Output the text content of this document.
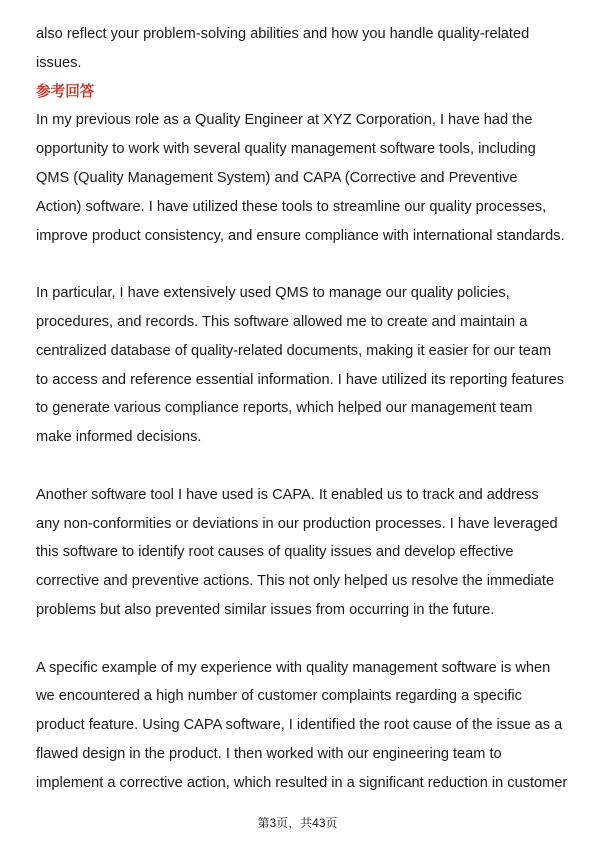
also reflect your problem-solving abilities and how you handle quality-related

issues.

参考回答

In my previous role as a Quality Engineer at XYZ Corporation, I have had the

opportunity to work with several quality management software tools, including

QMS (Quality Management System) and CAPA (Corrective and Preventive

Action) software. I have utilized these tools to streamline our quality processes,

improve product consistency, and ensure compliance with international standards.

In particular, I have extensively used QMS to manage our quality policies,

procedures, and records. This software allowed me to create and maintain a

centralized database of quality-related documents, making it easier for our team

to access and reference essential information. I have utilized its reporting features

to generate various compliance reports, which helped our management team

make informed decisions.

Another software tool I have used is CAPA. It enabled us to track and address

any non-conformities or deviations in our production processes. I have leveraged

this software to identify root causes of quality issues and develop effective

corrective and preventive actions. This not only helped us resolve the immediate

problems but also prevented similar issues from occurring in the future.

A specific example of my experience with quality management software is when

we encountered a high number of customer complaints regarding a specific

product feature. Using CAPA software, I identified the root cause of the issue as a

flawed design in the product. I then worked with our engineering team to

implement a corrective action, which resulted in a significant reduction in customer

第3页，共43页
